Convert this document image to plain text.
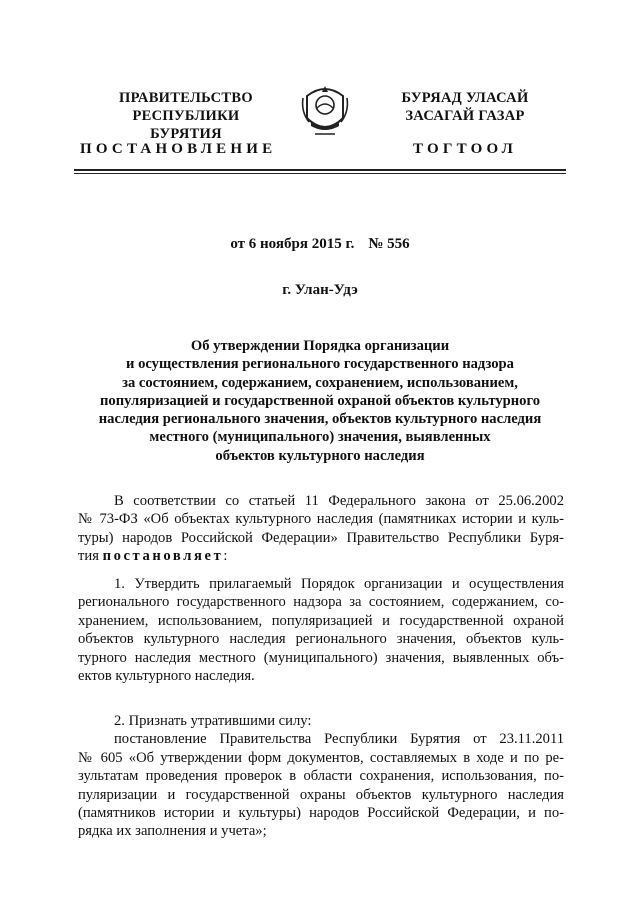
ПРАВИТЕЛЬСТВО
РЕСПУБЛИКИ БУРЯТИЯ
БУРЯАД УЛАСАЙ
ЗАСАГАЙ ГАЗАР
ПОСТАНОВЛЕНИЕ	ТОГТООЛ
от 6 ноября 2015 г. № 556
г. Улан-Удэ
Об утверждении Порядка организации
и осуществления регионального государственного надзора
за состоянием, содержанием, сохранением, использованием,
популяризацией и государственной охраной объектов культурного
наследия регионального значения, объектов культурного наследия
местного (муниципального) значения, выявленных
объектов культурного наследия
В соответствии со статьей 11 Федерального закона от 25.06.2002
№ 73-ФЗ «Об объектах культурного наследия (памятниках истории и куль-
туры) народов Российской Федерации» Правительство Республики Буря-
тия постановляет:
1. Утвердить прилагаемый Порядок организации и осуществления
регионального государственного надзора за состоянием, содержанием, со-
хранением, использованием, популяризацией и государственной охраной
объектов культурного наследия регионального значения, объектов куль-
турного наследия местного (муниципального) значения, выявленных объ-
ектов культурного наследия.
2. Признать утратившими силу:
постановление Правительства Республики Бурятия от 23.11.2011
№ 605 «Об утверждении форм документов, составляемых в ходе и по ре-
зультатам проведения проверок в области сохранения, использования, по-
пуляризации и государственной охраны объектов культурного наследия
(памятников истории и культуры) народов Российской Федерации, и по-
рядка их заполнения и учета»;
